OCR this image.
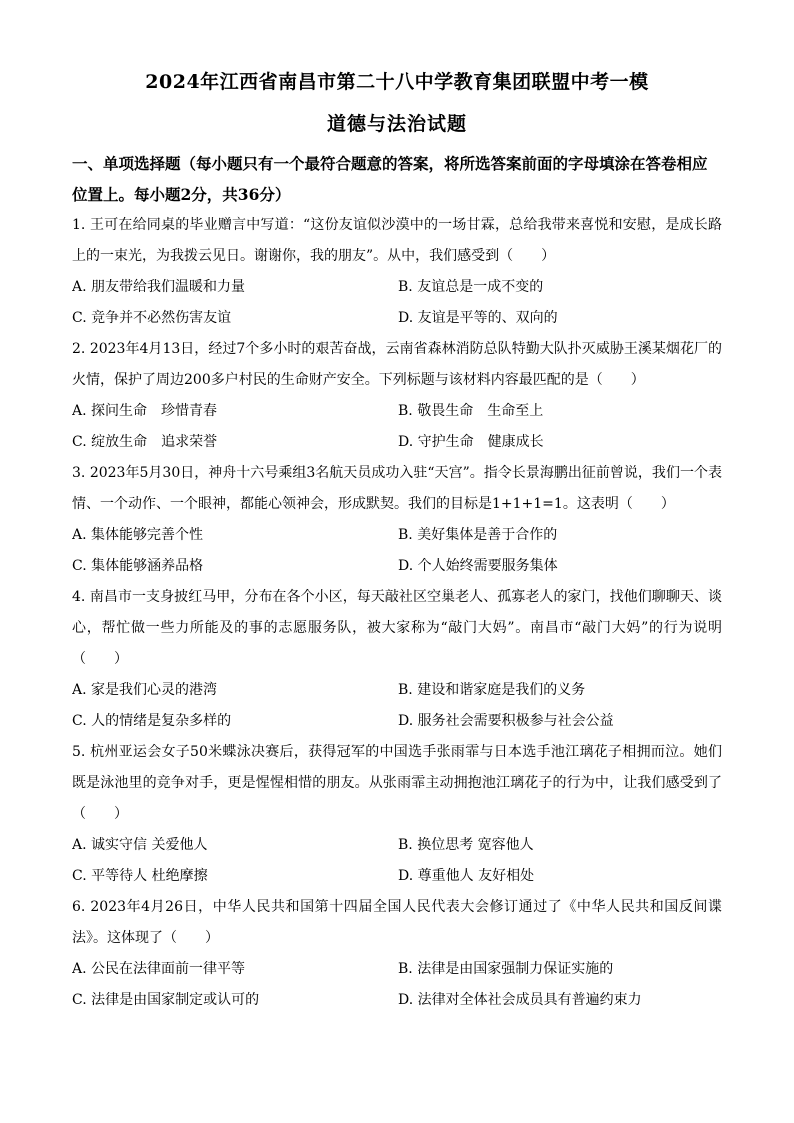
2024年江西省南昌市第二十八中学教育集团联盟中考一模
道德与法治试题

一、单项选择题（每小题只有一个最符合题意的答案，将所选答案前面的字母填涂在答卷相应位置上。每小题2分，共36分）

1. 王可在给同桌的毕业赠言中写道：“这份友谊似沙漠中的一场甘霖，总给我带来喜悦和安慰，是成长路上的一束光，为我拨云见日。谢谢你，我的朋友”。从中，我们感受到（　　）

A. 朋友带给我们温暖和力量	B. 友谊总是一成不变的
C. 竞争并不必然伤害友谊	D. 友谊是平等的、双向的

2. 2023年4月13日，经过7个多小时的艰苦奋战，云南省森林消防总队特勤大队扑灭威胁王溪某烟花厂的火情，保护了周边200多户村民的生命财产安全。下列标题与该材料内容最匹配的是（　　）

A. 探问生命　珍惜青春	B. 敬畏生命　生命至上
C. 绽放生命　追求荣誉	D. 守护生命　健康成长

3. 2023年5月30日，神舟十六号乘组3名航天员成功入驻“天宫”。指令长景海鹏出征前曾说，我们一个表情、一个动作、一个眼神，都能心领神会，形成默契。我们的目标是1+1+1=1。这表明（　　）

A. 集体能够完善个性	B. 美好集体是善于合作的
C. 集体能够涵养品格	D. 个人始终需要服务集体

4. 南昌市一支身披红马甲，分布在各个小区，每天敲社区空巢老人、孤寡老人的家门，找他们聊聊天、谈心，帮忙做一些力所能及的事的志愿服务队，被大家称为“敲门大妈”。南昌市“敲门大妈”的行为说明（　　）

A. 家是我们心灵的港湾	B. 建设和谐家庭是我们的义务
C. 人的情绪是复杂多样的	D. 服务社会需要积极参与社会公益

5. 杭州亚运会女子50米蝶泳决赛后，获得冠军的中国选手张雨霏与日本选手池江璃花子相拥而泣。她们既是泳池里的竞争对手，更是惺惺相惜的朋友。从张雨霏主动拥抱池江璃花子的行为中，让我们感受到了（　　）

A. 诚实守信 关爱他人	B. 换位思考 宽容他人
C. 平等待人 杜绝摩擦	D. 尊重他人 友好相处

6. 2023年4月26日，中华人民共和国第十四届全国人民代表大会修订通过了《中华人民共和国反间谍法》。这体现了（　　）

A. 公民在法律面前一律平等	B. 法律是由国家强制力保证实施的
C. 法律是由国家制定或认可的	D. 法律对全体社会成员具有普遍约束力
